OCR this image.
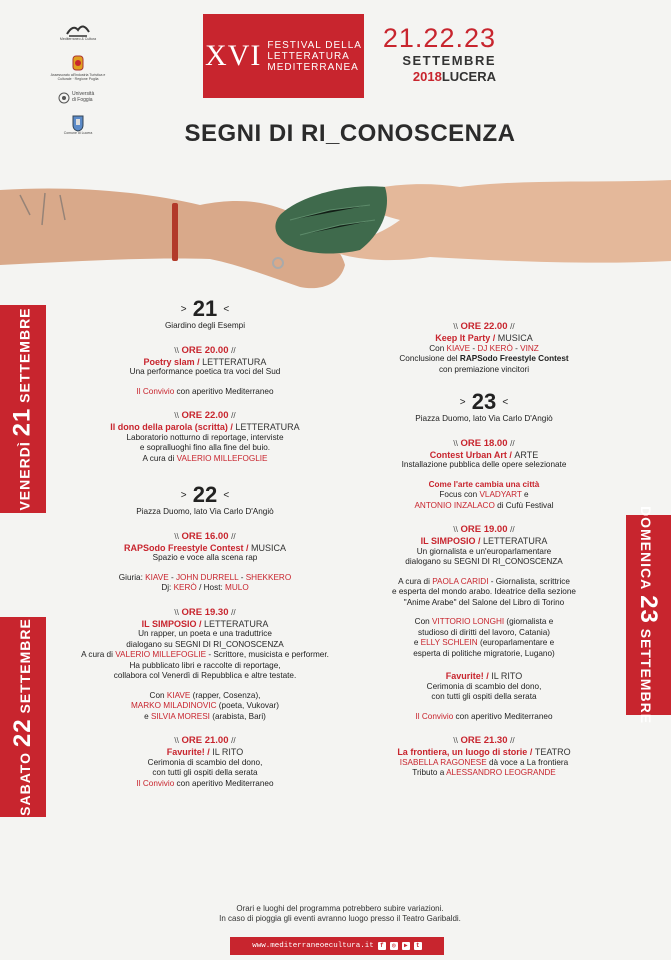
Mediterraneo & Cultura
Assessorato all'Industria Turistica e Culturale · Regione Puglia
Università di Foggia
Comune di Lucera
XVI FESTIVAL DELLA
LETTERATURA
MEDITERRANEA
21.22.23
SETTEMBRE
2018LUCERA
SEGNI DI RI_CONOSCENZA
VENERDÌ 21 SETTEMBRE
SABATO 22 SETTEMBRE
DOMENICA 23 SETTEMBRE
> 21 <
Giardino degli Esempi
\\ ORE 20.00 //
Poetry slam / LETTERATURA
Una performance poetica tra voci del Sud
Il Convivio con aperitivo Mediterraneo
\\ ORE 22.00 //
Il dono della parola (scritta) / LETTERATURA
Laboratorio notturno di reportage, interviste
e sopralluoghi fino alla fine del buio.
A cura di VALERIO MILLEFOGLIE
> 22 <
Piazza Duomo, lato Via Carlo D'Angiò
\\ ORE 16.00 //
RAPSodo Freestyle Contest / MUSICA
Spazio e voce alla scena rap
Giuria: KIAVE - JOHN DURRELL - SHEKKERO
Dj: KERÒ / Host: MULO
\\ ORE 19.30 //
IL SIMPOSIO / LETTERATURA
Un rapper, un poeta e una traduttrice
dialogano su SEGNI DI RI_CONOSCENZA
A cura di VALERIO MILLEFOGLIE - Scrittore, musicista e performer.
Ha pubblicato libri e raccolte di reportage,
collabora col Venerdì di Repubblica e altre testate.
Con KIAVE (rapper, Cosenza),
MARKO MILADINOVIC (poeta, Vukovar)
e SILVIA MORESI (arabista, Bari)
\\ ORE 21.00 //
Favurite! / IL RITO
Cerimonia di scambio del dono,
con tutti gli ospiti della serata
Il Convivio con aperitivo Mediterraneo
\\ ORE 22.00 //
Keep It Party / MUSICA
Con KIAVE - DJ KERÒ - VINZ
Conclusione del RAPSodo Freestyle Contest
con premiazione vincitori
> 23 <
Piazza Duomo, lato Via Carlo D'Angiò
\\ ORE 18.00 //
Contest Urban Art / ARTE
Installazione pubblica delle opere selezionate
Come l'arte cambia una città
Focus con VLADYART e
ANTONIO INZALACO di Cufù Festival
\\ ORE 19.00 //
IL SIMPOSIO / LETTERATURA
Un giornalista e un'europarlamentare
dialogano su SEGNI DI RI_CONOSCENZA
A cura di PAOLA CARIDI - Giornalista, scrittrice
e esperta del mondo arabo. Ideatrice della sezione
"Anime Arabe" del Salone del Libro di Torino
Con VITTORIO LONGHI (giornalista e
studioso di diritti del lavoro, Catania)
e ELLY SCHLEIN (europarlamentare e
esperta di politiche migratorie, Lugano)
Favurite! / IL RITO
Cerimonia di scambio del dono,
con tutti gli ospiti della serata
Il Convivio con aperitivo Mediterraneo
\\ ORE 21.30 //
La frontiera, un luogo di storie / TEATRO
ISABELLA RAGONESE dà voce a La frontiera
Tributo a ALESSANDRO LEOGRANDE
Orari e luoghi del programma potrebbero subire variazioni.
In caso di pioggia gli eventi avranno luogo presso il Teatro Garibaldi.
www.mediterraneoecultura.it	f	◎	▶	t
